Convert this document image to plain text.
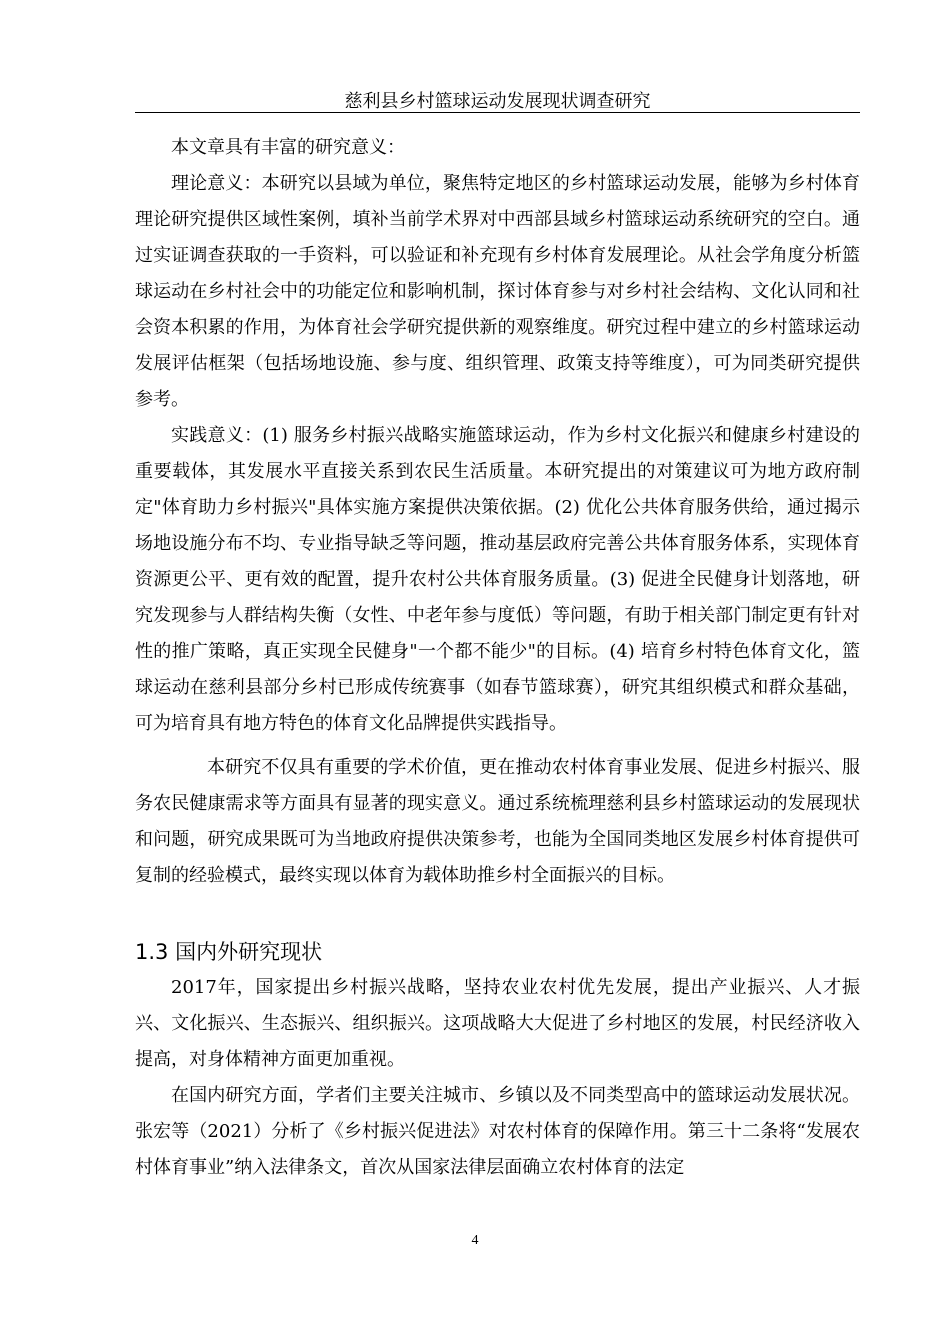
慈利县乡村篮球运动发展现状调查研究

本文章具有丰富的研究意义：

理论意义：本研究以县域为单位，聚焦特定地区的乡村篮球运动发展，能够为乡村体育理论研究提供区域性案例，填补当前学术界对中西部县域乡村篮球运动系统研究的空白。通过实证调查获取的一手资料，可以验证和补充现有乡村体育发展理论。从社会学角度分析篮球运动在乡村社会中的功能定位和影响机制，探讨体育参与对乡村社会结构、文化认同和社会资本积累的作用，为体育社会学研究提供新的观察维度。研究过程中建立的乡村篮球运动发展评估框架（包括场地设施、参与度、组织管理、政策支持等维度），可为同类研究提供参考。

实践意义：(1) 服务乡村振兴战略实施篮球运动，作为乡村文化振兴和健康乡村建设的重要载体，其发展水平直接关系到农民生活质量。本研究提出的对策建议可为地方政府制定"体育助力乡村振兴"具体实施方案提供决策依据。(2) 优化公共体育服务供给，通过揭示场地设施分布不均、专业指导缺乏等问题，推动基层政府完善公共体育服务体系，实现体育资源更公平、更有效的配置，提升农村公共体育服务质量。(3) 促进全民健身计划落地，研究发现参与人群结构失衡（女性、中老年参与度低）等问题，有助于相关部门制定更有针对性的推广策略，真正实现全民健身"一个都不能少"的目标。(4) 培育乡村特色体育文化，篮球运动在慈利县部分乡村已形成传统赛事（如春节篮球赛），研究其组织模式和群众基础，可为培育具有地方特色的体育文化品牌提供实践指导。

本研究不仅具有重要的学术价值，更在推动农村体育事业发展、促进乡村振兴、服务农民健康需求等方面具有显著的现实意义。通过系统梳理慈利县乡村篮球运动的发展现状和问题，研究成果既可为当地政府提供决策参考，也能为全国同类地区发展乡村体育提供可复制的经验模式，最终实现以体育为载体助推乡村全面振兴的目标。

1.3 国内外研究现状

2017年，国家提出乡村振兴战略，坚持农业农村优先发展，提出产业振兴、人才振兴、文化振兴、生态振兴、组织振兴。这项战略大大促进了乡村地区的发展，村民经济收入提高，对身体精神方面更加重视。

在国内研究方面，学者们主要关注城市、乡镇以及不同类型高中的篮球运动发展状况。张宏等（2021）分析了《乡村振兴促进法》对农村体育的保障作用。第三十二条将“发展农村体育事业”纳入法律条文，首次从国家法律层面确立农村体育的法定

4
